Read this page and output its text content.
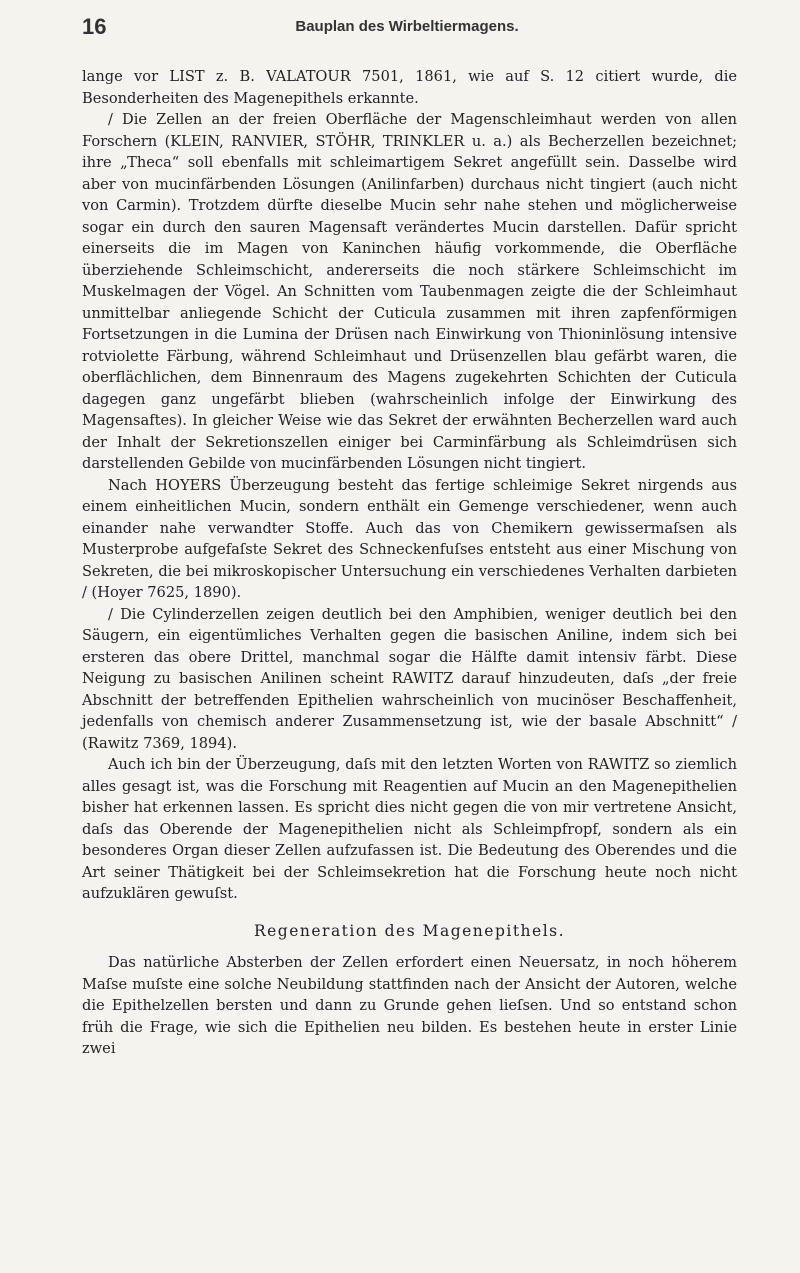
16	Bauplan des Wirbeltiermagens.

lange vor LIST z. B. VALATOUR 7501, 1861, wie auf S. 12 citiert wurde, die Besonderheiten des Magenepithels erkannte.

/ Die Zellen an der freien Oberfläche der Magenschleimhaut werden von allen Forschern (KLEIN, RANVIER, STÖHR, TRINKLER u. a.) als Becherzellen bezeichnet; ihre „Theca“ soll ebenfalls mit schleimartigem Sekret angefüllt sein. Dasselbe wird aber von mucinfärbenden Lösungen (Anilinfarben) durchaus nicht tingiert (auch nicht von Carmin). Trotzdem dürfte dieselbe Mucin sehr nahe stehen und möglicherweise sogar ein durch den sauren Magensaft verändertes Mucin darstellen. Dafür spricht einerseits die im Magen von Kaninchen häufig vorkommende, die Oberfläche überziehende Schleimschicht, andererseits die noch stärkere Schleimschicht im Muskelmagen der Vögel. An Schnitten vom Taubenmagen zeigte die der Schleimhaut unmittelbar anliegende Schicht der Cuticula zusammen mit ihren zapfenförmigen Fortsetzungen in die Lumina der Drüsen nach Einwirkung von Thioninlösung intensive rotviolette Färbung, während Schleimhaut und Drüsenzellen blau gefärbt waren, die oberflächlichen, dem Binnenraum des Magens zugekehrten Schichten der Cuticula dagegen ganz ungefärbt blieben (wahrscheinlich infolge der Einwirkung des Magensaftes). In gleicher Weise wie das Sekret der erwähnten Becherzellen ward auch der Inhalt der Sekretionszellen einiger bei Carminfärbung als Schleimdrüsen sich darstellenden Gebilde von mucinfärbenden Lösungen nicht tingiert.

Nach HOYERS Überzeugung besteht das fertige schleimige Sekret nirgends aus einem einheitlichen Mucin, sondern enthält ein Gemenge verschiedener, wenn auch einander nahe verwandter Stoffe. Auch das von Chemikern gewissermaſsen als Musterprobe aufgefaſste Sekret des Schneckenfuſses entsteht aus einer Mischung von Sekreten, die bei mikroskopischer Untersuchung ein verschiedenes Verhalten darbieten / (Hoyer 7625, 1890).

/ Die Cylinderzellen zeigen deutlich bei den Amphibien, weniger deutlich bei den Säugern, ein eigentümliches Verhalten gegen die basischen Aniline, indem sich bei ersteren das obere Drittel, manchmal sogar die Hälfte damit intensiv färbt. Diese Neigung zu basischen Anilinen scheint RAWITZ darauf hinzudeuten, daſs „der freie Abschnitt der betreffenden Epithelien wahrscheinlich von mucinöser Beschaffenheit, jedenfalls von chemisch anderer Zusammensetzung ist, wie der basale Abschnitt“ / (Rawitz 7369, 1894).

Auch ich bin der Überzeugung, daſs mit den letzten Worten von RAWITZ so ziemlich alles gesagt ist, was die Forschung mit Reagentien auf Mucin an den Magenepithelien bisher hat erkennen lassen. Es spricht dies nicht gegen die von mir vertretene Ansicht, daſs das Oberende der Magenepithelien nicht als Schleimpfropf, sondern als ein besonderes Organ dieser Zellen aufzufassen ist. Die Bedeutung des Oberendes und die Art seiner Thätigkeit bei der Schleimsekretion hat die Forschung heute noch nicht aufzuklären gewuſst.

Regeneration des Magenepithels.

Das natürliche Absterben der Zellen erfordert einen Neuersatz, in noch höherem Maſse muſste eine solche Neubildung stattfinden nach der Ansicht der Autoren, welche die Epithelzellen bersten und dann zu Grunde gehen lieſsen. Und so entstand schon früh die Frage, wie sich die Epithelien neu bilden. Es bestehen heute in erster Linie zwei
